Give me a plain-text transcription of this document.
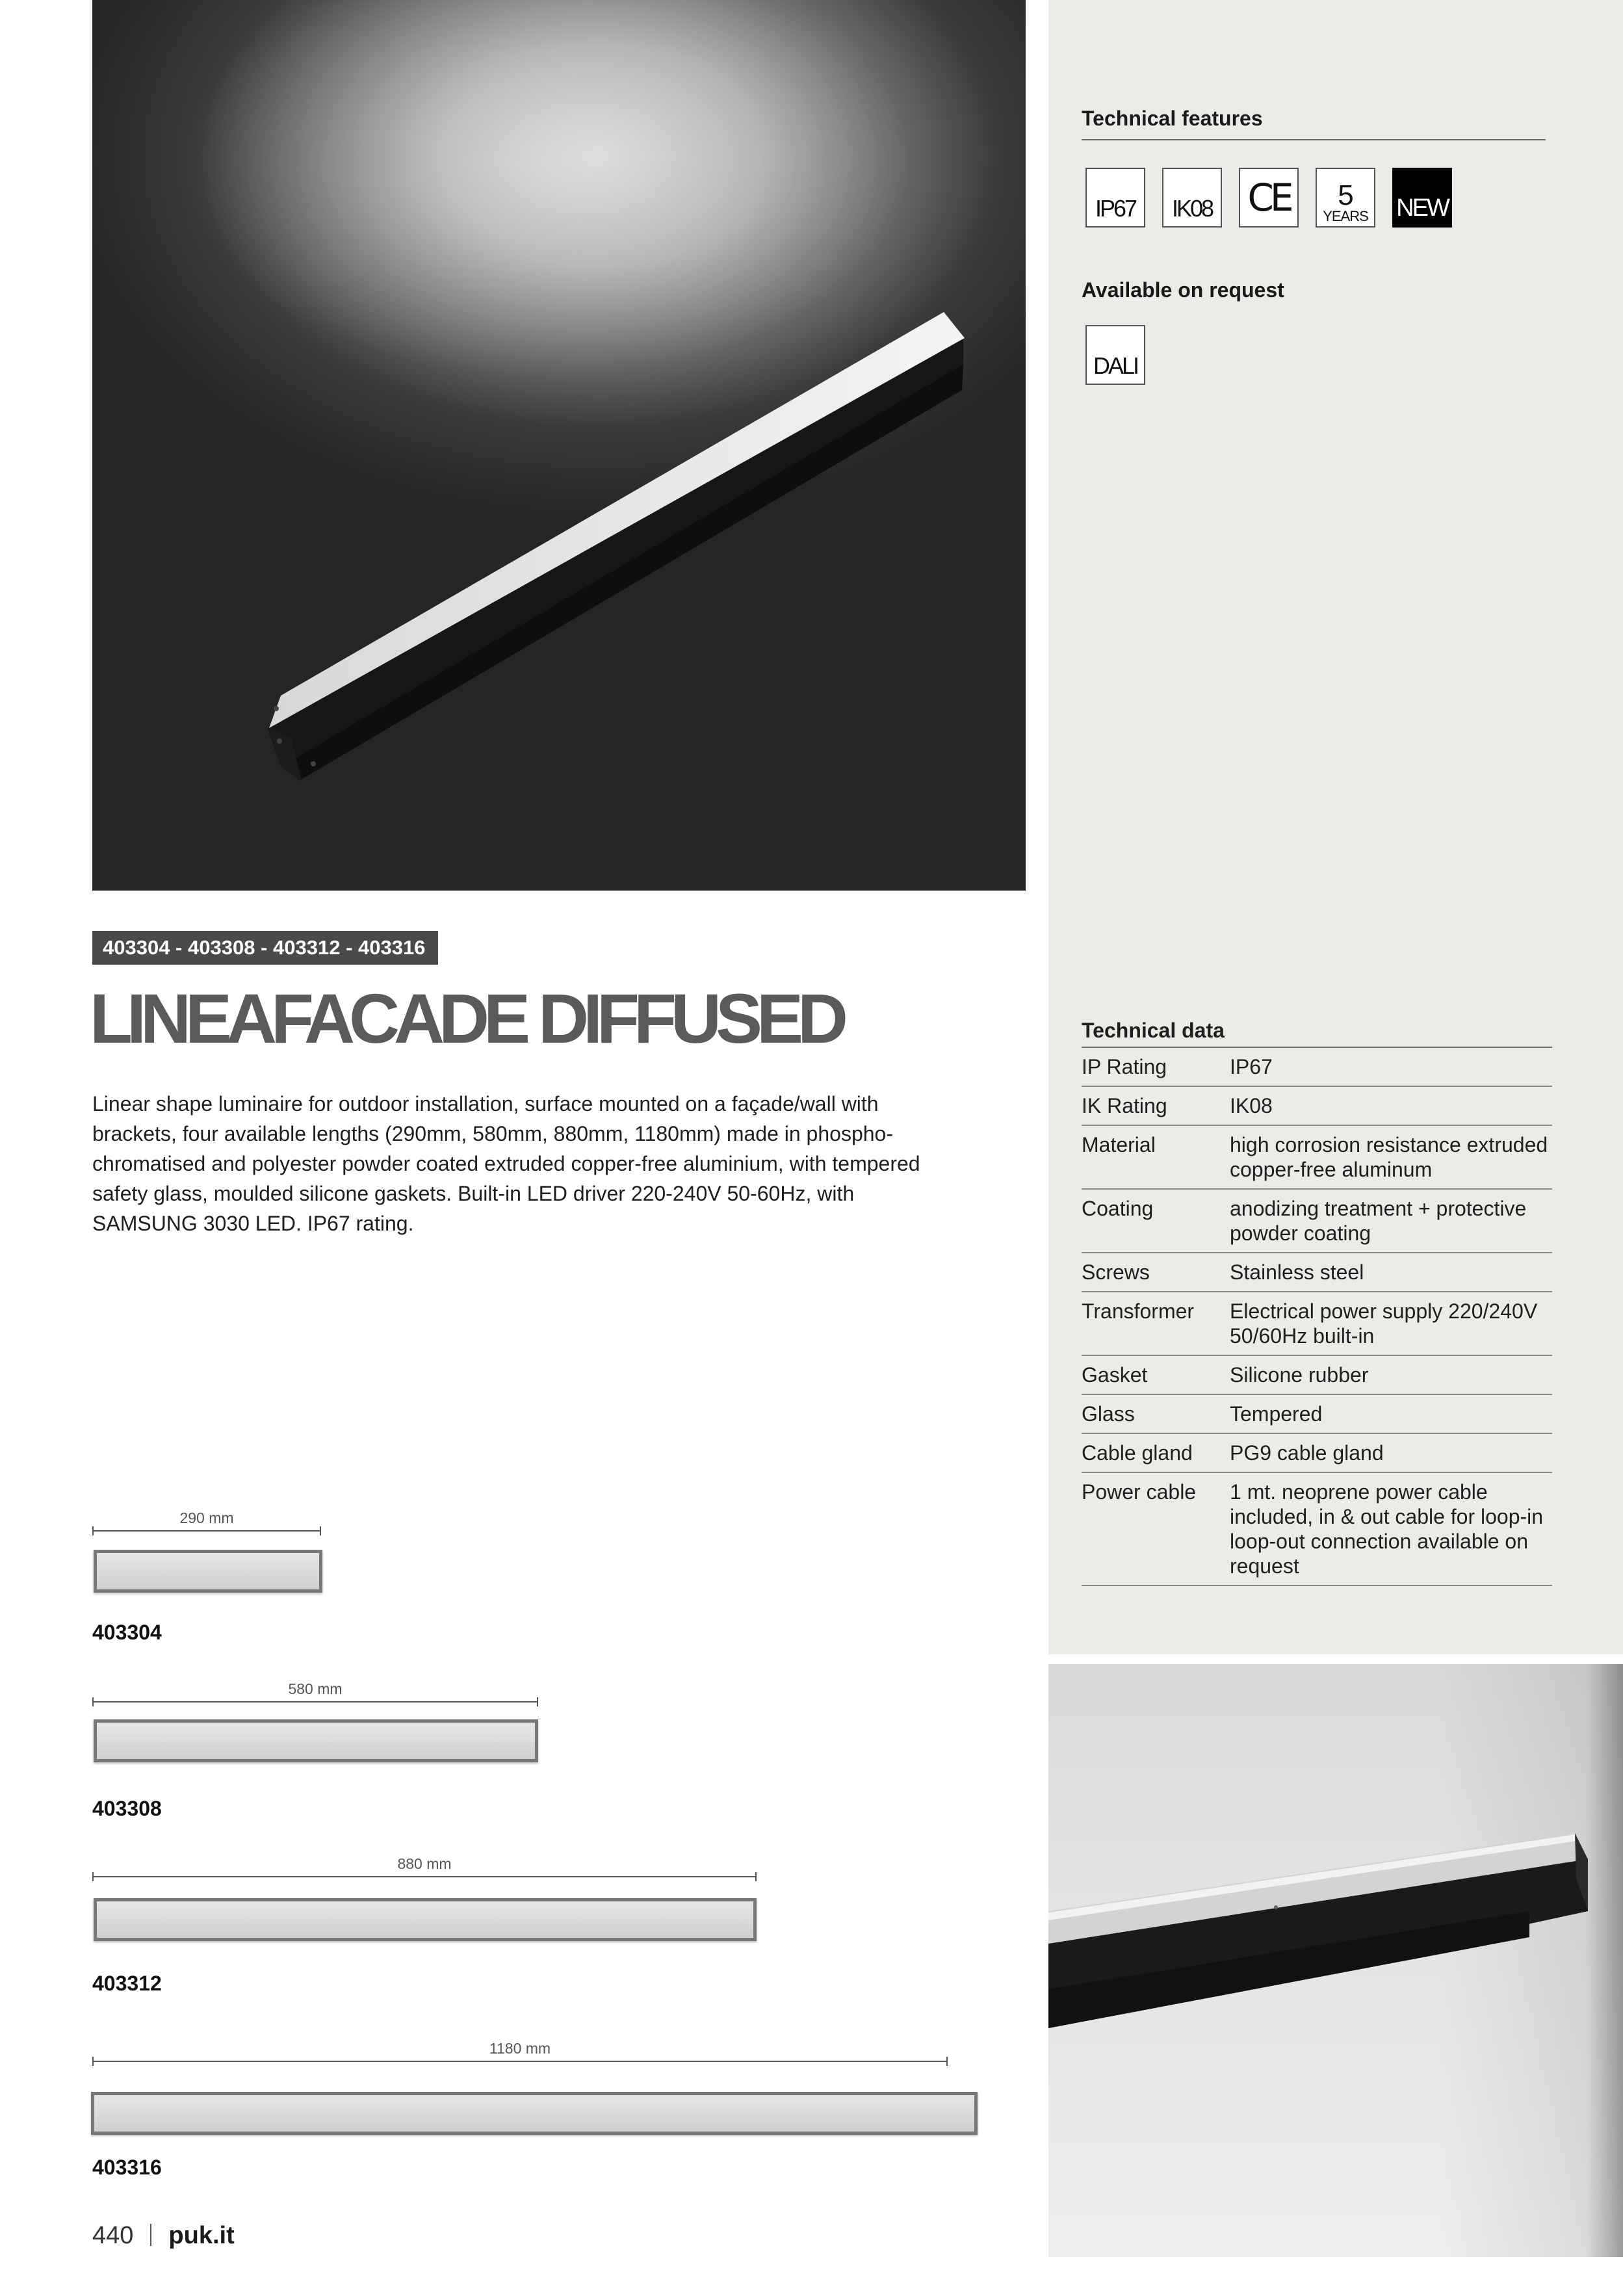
Technical features
IP67	IK08 CE	5
YEARS NEW
Available on request
DALI
403304 - 403308 - 403312 - 403316
LINEAFACADE DIFFUSED
Linear shape luminaire for outdoor installation, surface mounted on a façade/wall with brackets, four available lengths (290mm, 580mm, 880mm, 1180mm) made in phospho-chromatised and polyester powder coated extruded copper-free aluminium, with tempered safety glass, moulded silicone gaskets. Built-in LED driver 220-240V 50-60Hz, with SAMSUNG 3030 LED. IP67 rating.
Technical data
IP Rating	IP67
IK Rating	IK08
Material	high corrosion resistance extruded copper-free aluminum
Coating	anodizing treatment + protective powder coating
Screws	Stainless steel
Transformer	Electrical power supply 220/240V 50/60Hz built-in
Gasket	Silicone rubber
Glass	Tempered
Cable gland	PG9 cable gland
Power cable	1 mt. neoprene power cable included, in & out cable for loop-in loop-out connection available on request
290 mm
403304
580 mm
403308
880 mm
403312
1180 mm
403316
440 puk.it
